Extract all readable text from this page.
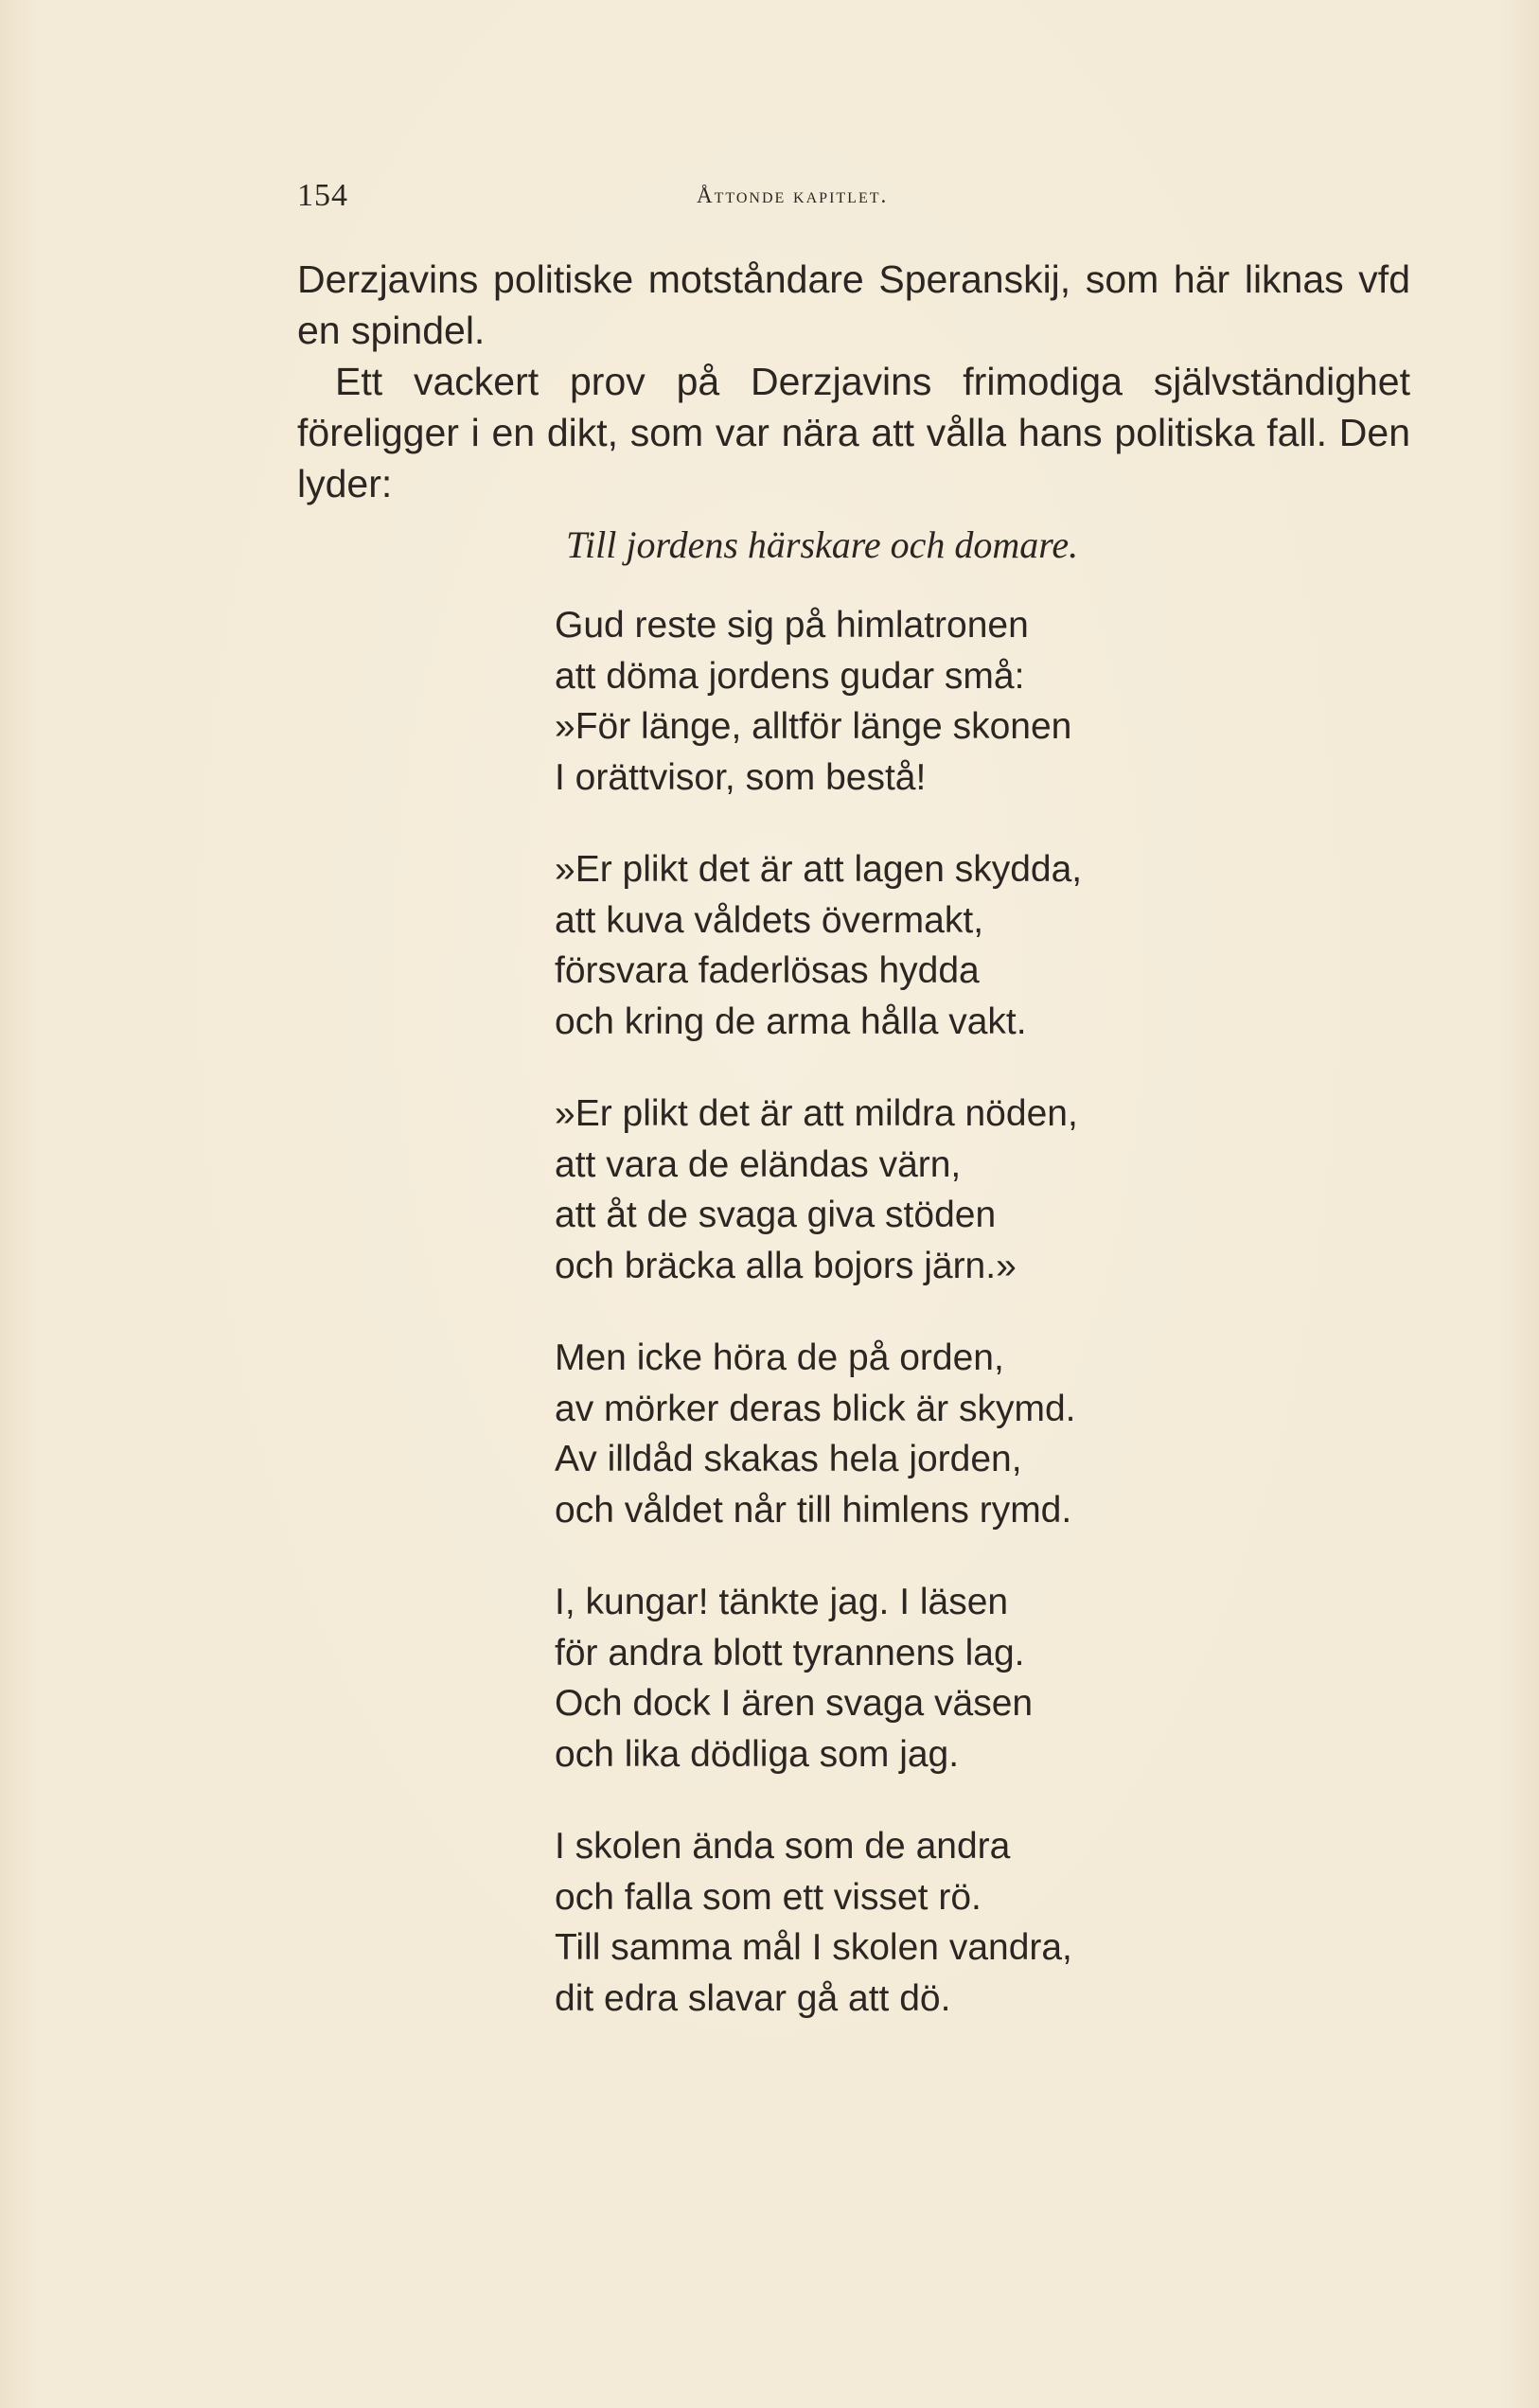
154	Åttonde kapitlet.

Derzjavins politiske motståndare Speranskij, som här liknas vfd en spindel.

Ett vackert prov på Derzjavins frimodiga självständighet föreligger i en dikt, som var nära att vålla hans politiska fall. Den lyder:

Till jordens härskare och domare.
Gud reste sig på himlatronen
att döma jordens gudar små:
»För länge, alltför länge skonen
I orättvisor, som bestå!
»Er plikt det är att lagen skydda,
att kuva våldets övermakt,
försvara faderlösas hydda
och kring de arma hålla vakt.
»Er plikt det är att mildra nöden,
att vara de eländas värn,
att åt de svaga giva stöden
och bräcka alla bojors järn.»
Men icke höra de på orden,
av mörker deras blick är skymd.
Av illdåd skakas hela jorden,
och våldet når till himlens rymd.
I, kungar! tänkte jag. I läsen
för andra blott tyrannens lag.
Och dock I ären svaga väsen
och lika dödliga som jag.
I skolen ända som de andra
och falla som ett visset rö.
Till samma mål I skolen vandra,
dit edra slavar gå att dö.
